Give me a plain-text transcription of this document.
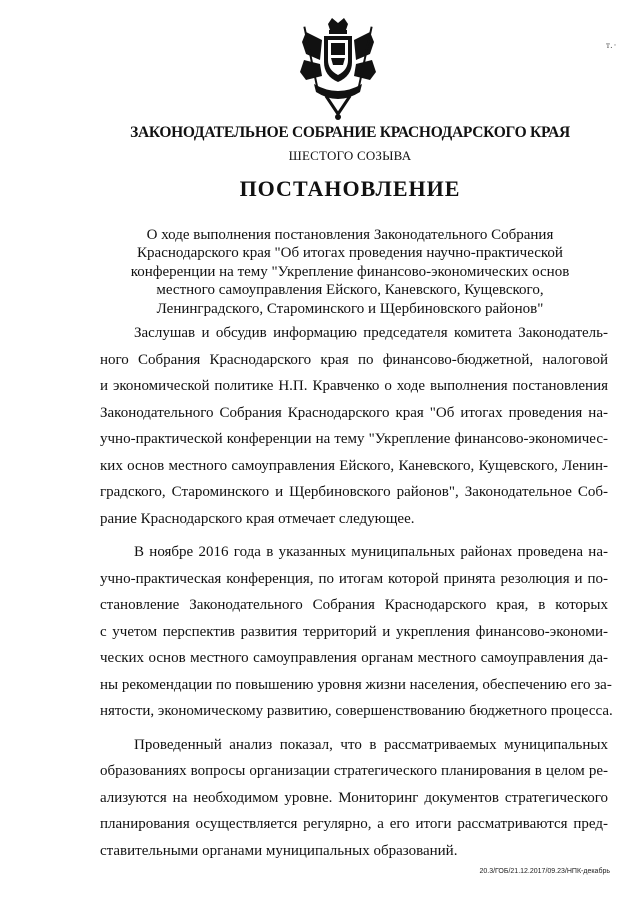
т.·
ЗАКОНОДАТЕЛЬНОЕ СОБРАНИЕ КРАСНОДАРСКОГО КРАЯ
ШЕСТОГО СОЗЫВА
ПОСТАНОВЛЕНИЕ
О ходе выполнения постановления Законодательного Собрания
Краснодарского края "Об итогах проведения научно-практической
конференции на тему "Укрепление финансово-экономических основ
местного самоуправления Ейского, Каневского, Кущевского,
Ленинградского, Староминского и Щербиновского районов"
Заслушав и обсудив информацию председателя комитета Законодатель-
ного Собрания Краснодарского края по финансово-бюджетной, налоговой
и экономической политике Н.П. Кравченко о ходе выполнения постановления
Законодательного Собрания Краснодарского края "Об итогах проведения на-
учно-практической конференции на тему "Укрепление финансово-экономичес-
ких основ местного самоуправления Ейского, Каневского, Кущевского, Ленин-
градского, Староминского и Щербиновского районов", Законодательное Соб-
рание Краснодарского края отмечает следующее.
В ноябре 2016 года в указанных муниципальных районах проведена на-
учно-практическая конференция, по итогам которой принята резолюция и по-
становление Законодательного Собрания Краснодарского края, в которых
с учетом перспектив развития территорий и укрепления финансово-экономи-
ческих основ местного самоуправления органам местного самоуправления да-
ны рекомендации по повышению уровня жизни населения, обеспечению его за-
нятости, экономическому развитию, совершенствованию бюджетного процесса.
Проведенный анализ показал, что в рассматриваемых муниципальных
образованиях вопросы организации стратегического планирования в целом ре-
ализуются на необходимом уровне. Мониторинг документов стратегического
планирования осуществляется регулярно, а его итоги рассматриваются пред-
ставительными органами муниципальных образований.
20.3/ГОБ/21.12.2017/09.23/НПК-декабрь
